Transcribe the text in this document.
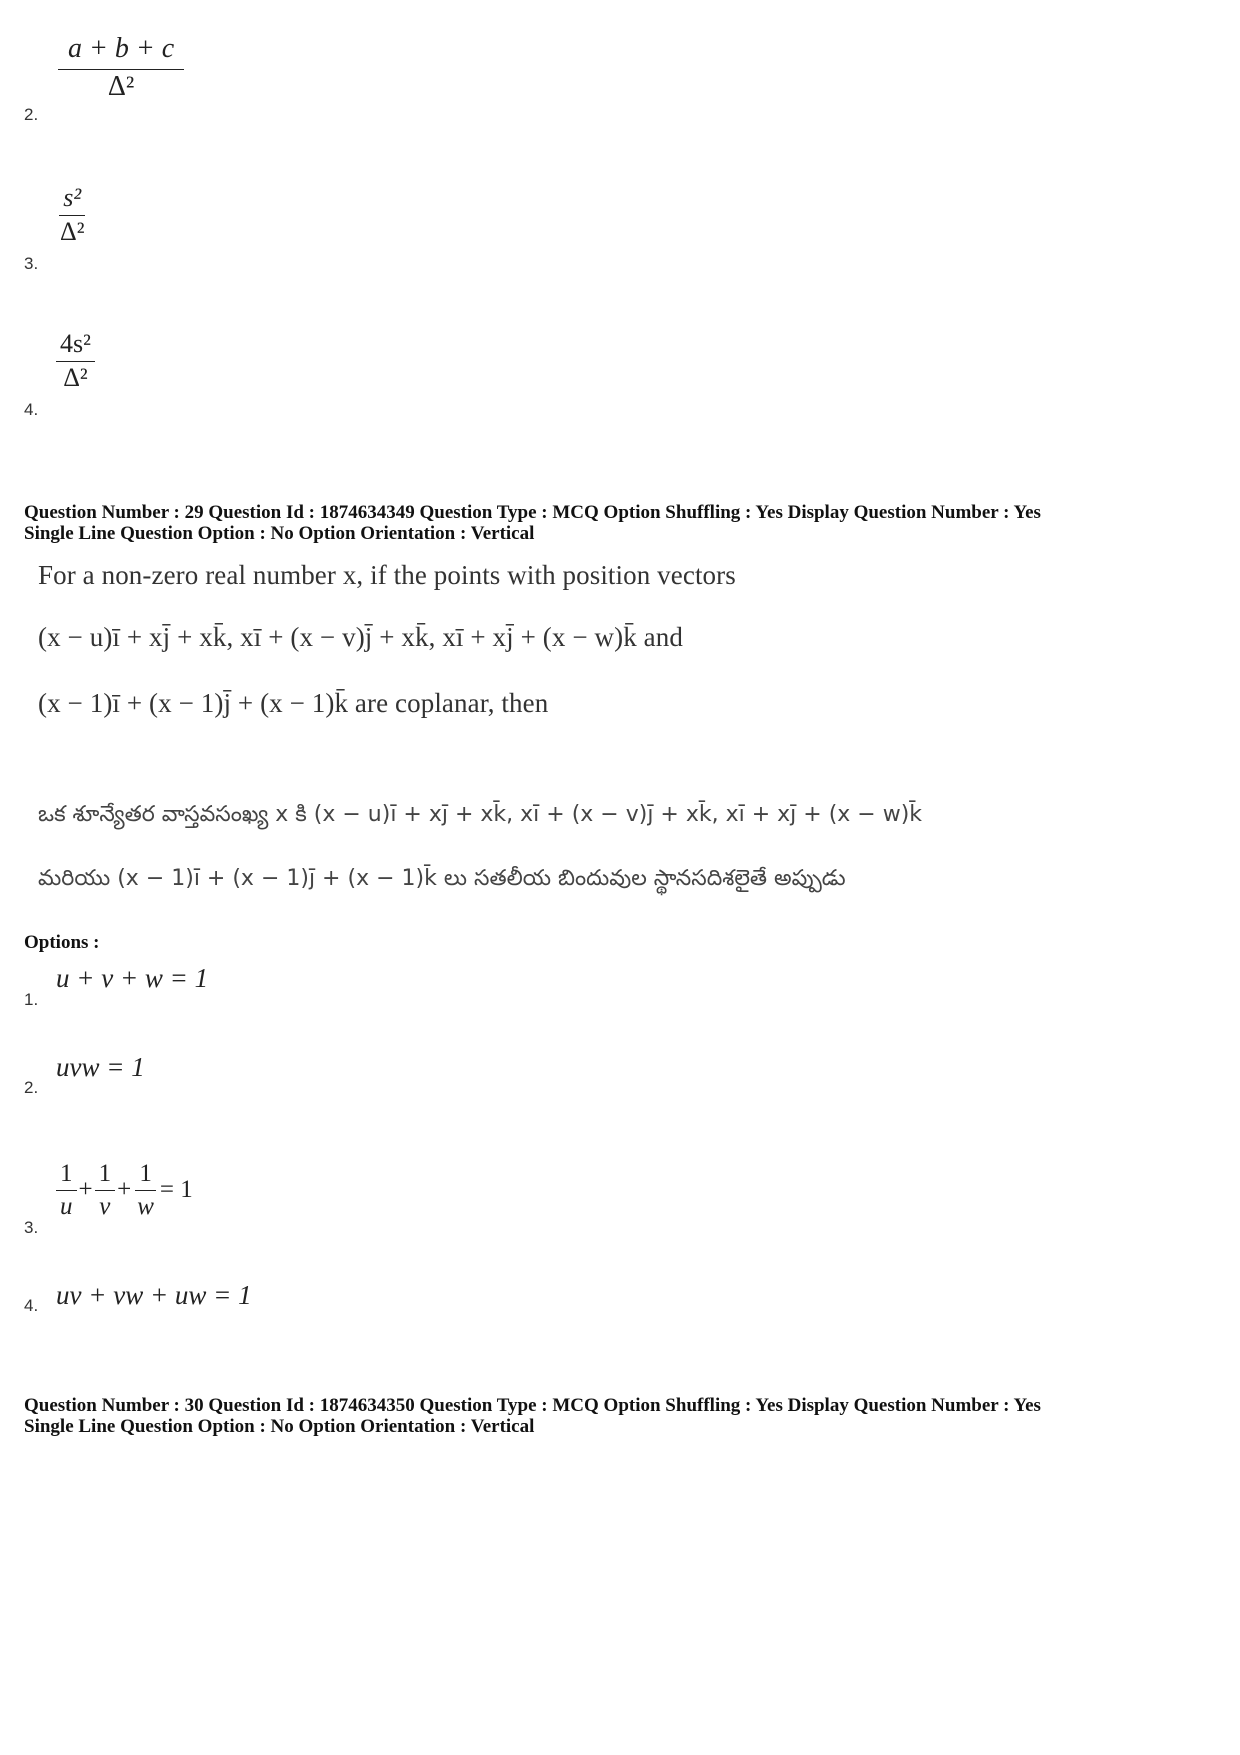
$\frac{a + b + c}{\text{Δ²}}$
2.
$\frac{\text{s²}}{\text{Δ²}}$
3.
$\frac{\text{4s²}}{\text{Δ²}}$
4.
Question Number : 29 Question Id : 1874634349 Question Type : MCQ Option Shuffling : Yes Display Question Number : Yes
Single Line Question Option : No Option Orientation : Vertical
For a non-zero real number x, if the points with position vectors
(x − u)ī + xj̄ + xk̄, xī + (x − v)j̄ + xk̄, xī + xj̄ + (x − w)k̄ and
(x − 1)ī + (x − 1)j̄ + (x − 1)k̄ are coplanar, then
ఒక శూన్యేతర వాస్తవసంఖ్య x కి (x − u)ī + xj̄ + xk̄, xī + (x − v)j̄ + xk̄, xī + xj̄ + (x − w)k̄
మరియు (x − 1)ī + (x − 1)j̄ + (x − 1)k̄ లు సతలీయ బిందువుల స్థానసదిశలైతే అప్పుడు
Options :
1.
u + v + w = 1
2.
uvw = 1
3.
$\frac{1}{u} + \frac{1}{v} + \frac{1}{w} = 1$
4. uv + vw + uw = 1
Question Number : 30 Question Id : 1874634350 Question Type : MCQ Option Shuffling : Yes Display Question Number : Yes
Single Line Question Option : No Option Orientation : Vertical
